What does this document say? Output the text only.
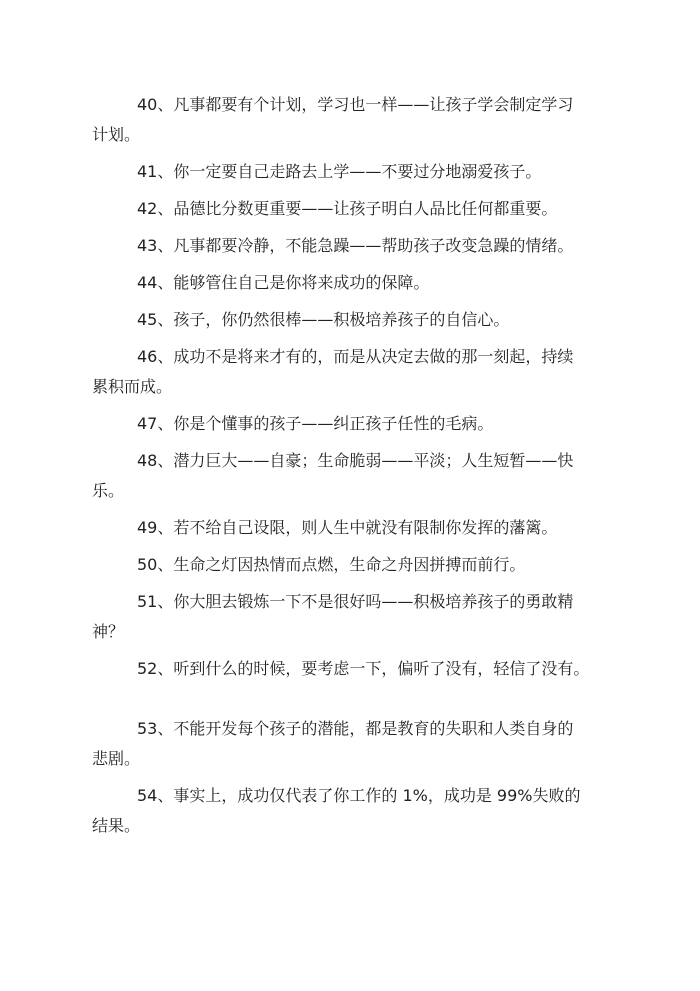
40、凡事都要有个计划，学习也一样——让孩子学会制定学习
计划。
41、你一定要自己走路去上学——不要过分地溺爱孩子。
42、品德比分数更重要——让孩子明白人品比任何都重要。
43、凡事都要冷静，不能急躁——帮助孩子改变急躁的情绪。
44、能够管住自己是你将来成功的保障。
45、孩子，你仍然很棒——积极培养孩子的自信心。
46、成功不是将来才有的，而是从决定去做的那一刻起，持续
累积而成。
47、你是个懂事的孩子——纠正孩子任性的毛病。
48、潜力巨大——自豪；生命脆弱——平淡；人生短暂——快
乐。
49、若不给自己设限，则人生中就没有限制你发挥的藩篱。
50、生命之灯因热情而点燃，生命之舟因拼搏而前行。
51、你大胆去锻炼一下不是很好吗——积极培养孩子的勇敢精
神？
52、听到什么的时候，要考虑一下，偏听了没有，轻信了没有。
53、不能开发每个孩子的潜能，都是教育的失职和人类自身的
悲剧。
54、事实上，成功仅代表了你工作的 1%，成功是 99%失败的
结果。
